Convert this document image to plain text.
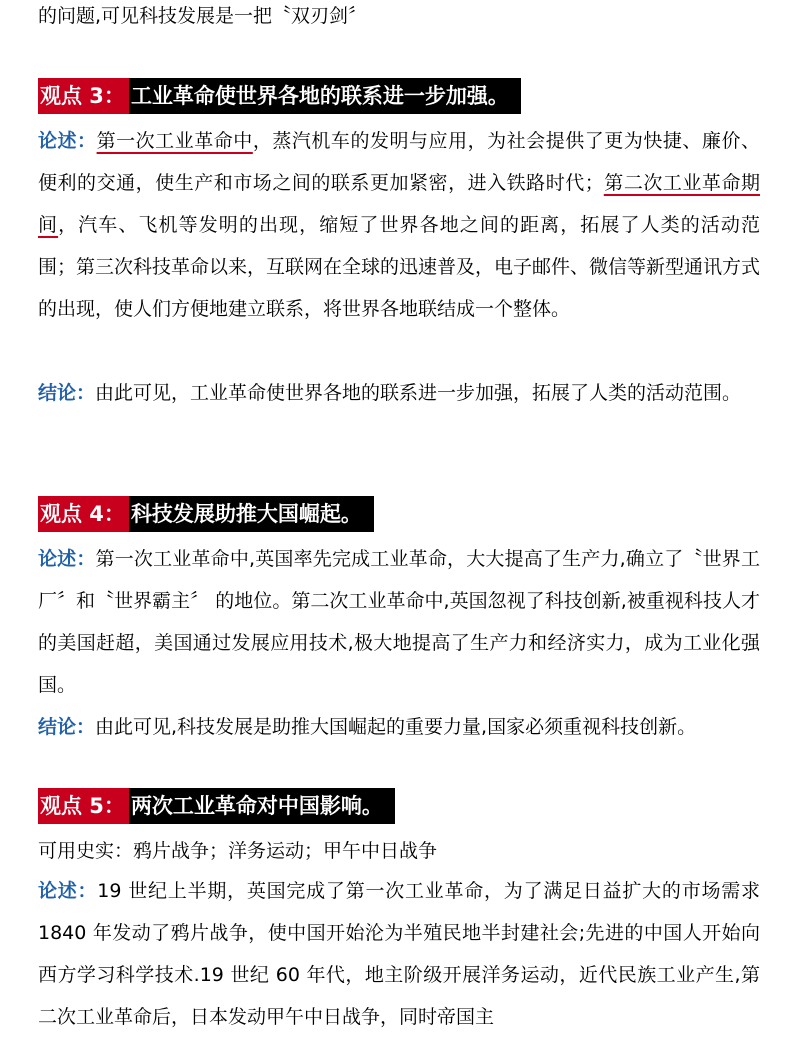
的问题,可见科技发展是一把〝双刃剑〞
观点 3： 工业革命使世界各地的联系进一步加强。
论述：第一次工业革命中，蒸汽机车的发明与应用，为社会提供了更为快捷、廉价、便利的交通，使生产和市场之间的联系更加紧密，进入铁路时代；第二次工业革命期间，汽车、飞机等发明的出现，缩短了世界各地之间的距离，拓展了人类的活动范围；第三次科技革命以来，互联网在全球的迅速普及，电子邮件、微信等新型通讯方式的出现，使人们方便地建立联系，将世界各地联结成一个整体。
结论：由此可见，工业革命使世界各地的联系进一步加强，拓展了人类的活动范围。
观点 4： 科技发展助推大国崛起。
论述：第一次工业革命中,英国率先完成工业革命，大大提高了生产力,确立了〝世界工厂〞和〝世界霸主〞 的地位。第二次工业革命中,英国忽视了科技创新,被重视科技人才的美国赶超，美国通过发展应用技术,极大地提高了生产力和经济实力，成为工业化强国。
结论：由此可见,科技发展是助推大国崛起的重要力量,国家必须重视科技创新。
观点 5： 两次工业革命对中国影响。
可用史实：鸦片战争；洋务运动；甲午中日战争
论述：19 世纪上半期，英国完成了第一次工业革命，为了满足日益扩大的市场需求 1840 年发动了鸦片战争，使中国开始沦为半殖民地半封建社会;先进的中国人开始向西方学习科学技术.19 世纪 60 年代，地主阶级开展洋务运动，近代民族工业产生,第二次工业革命后，日本发动甲午中日战争，同时帝国主
